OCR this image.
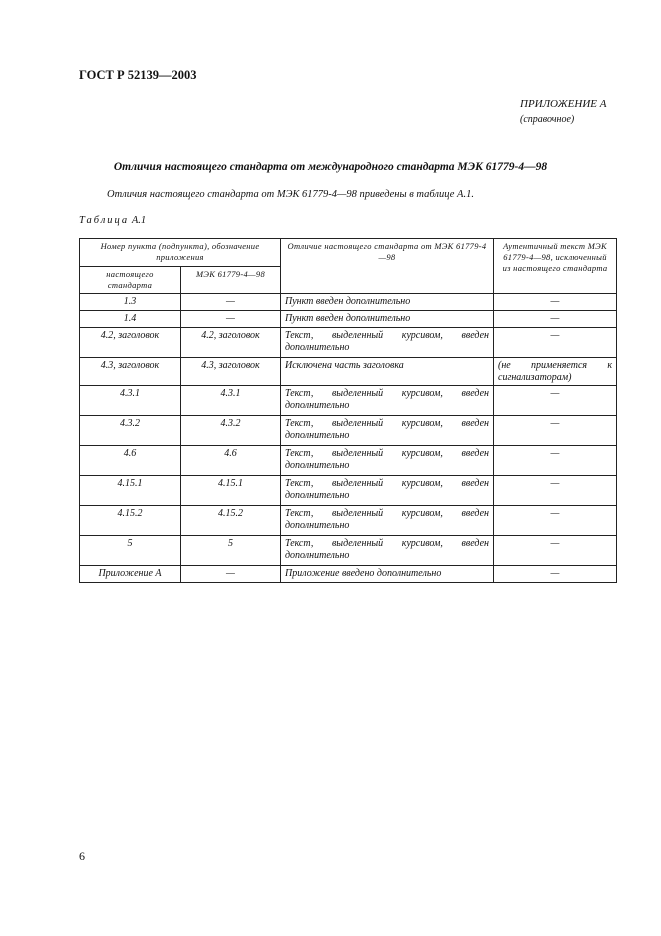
ГОСТ Р 52139—2003
ПРИЛОЖЕНИЕ А
(справочное)
Отличия настоящего стандарта от международного стандарта МЭК 61779-4—98
Отличия настоящего стандарта от МЭК 61779-4—98 приведены в таблице А.1.
Таблица А.1
Номер пункта (подпункта), обозначение приложения		Отличие настоящего стандарта от МЭК 61779-4—98	Аутентичный текст МЭК 61779-4—98, исключенный из настоящего стандарта
настоящего стандарта	МЭК 61779-4—98		
1.3	—	Пункт введен дополнительно	—
1.4	—	Пункт введен дополнительно	—
4.2, заголовок	4.2, заголовок	Текст, выделенный курсивом, введен дополнительно	—
4.3, заголовок	4.3, заголовок	Исключена часть заголовка	(не применяется к сигнализаторам)
4.3.1	4.3.1	Текст, выделенный курсивом, введен дополнительно	—
4.3.2	4.3.2	Текст, выделенный курсивом, введен дополнительно	—
4.6	4.6	Текст, выделенный курсивом, введен дополнительно	—
4.15.1	4.15.1	Текст, выделенный курсивом, введен дополнительно	—
4.15.2	4.15.2	Текст, выделенный курсивом, введен дополнительно	—
5	5	Текст, выделенный курсивом, введен дополнительно	—
Приложение А	—	Приложение введено дополнительно	—
6
